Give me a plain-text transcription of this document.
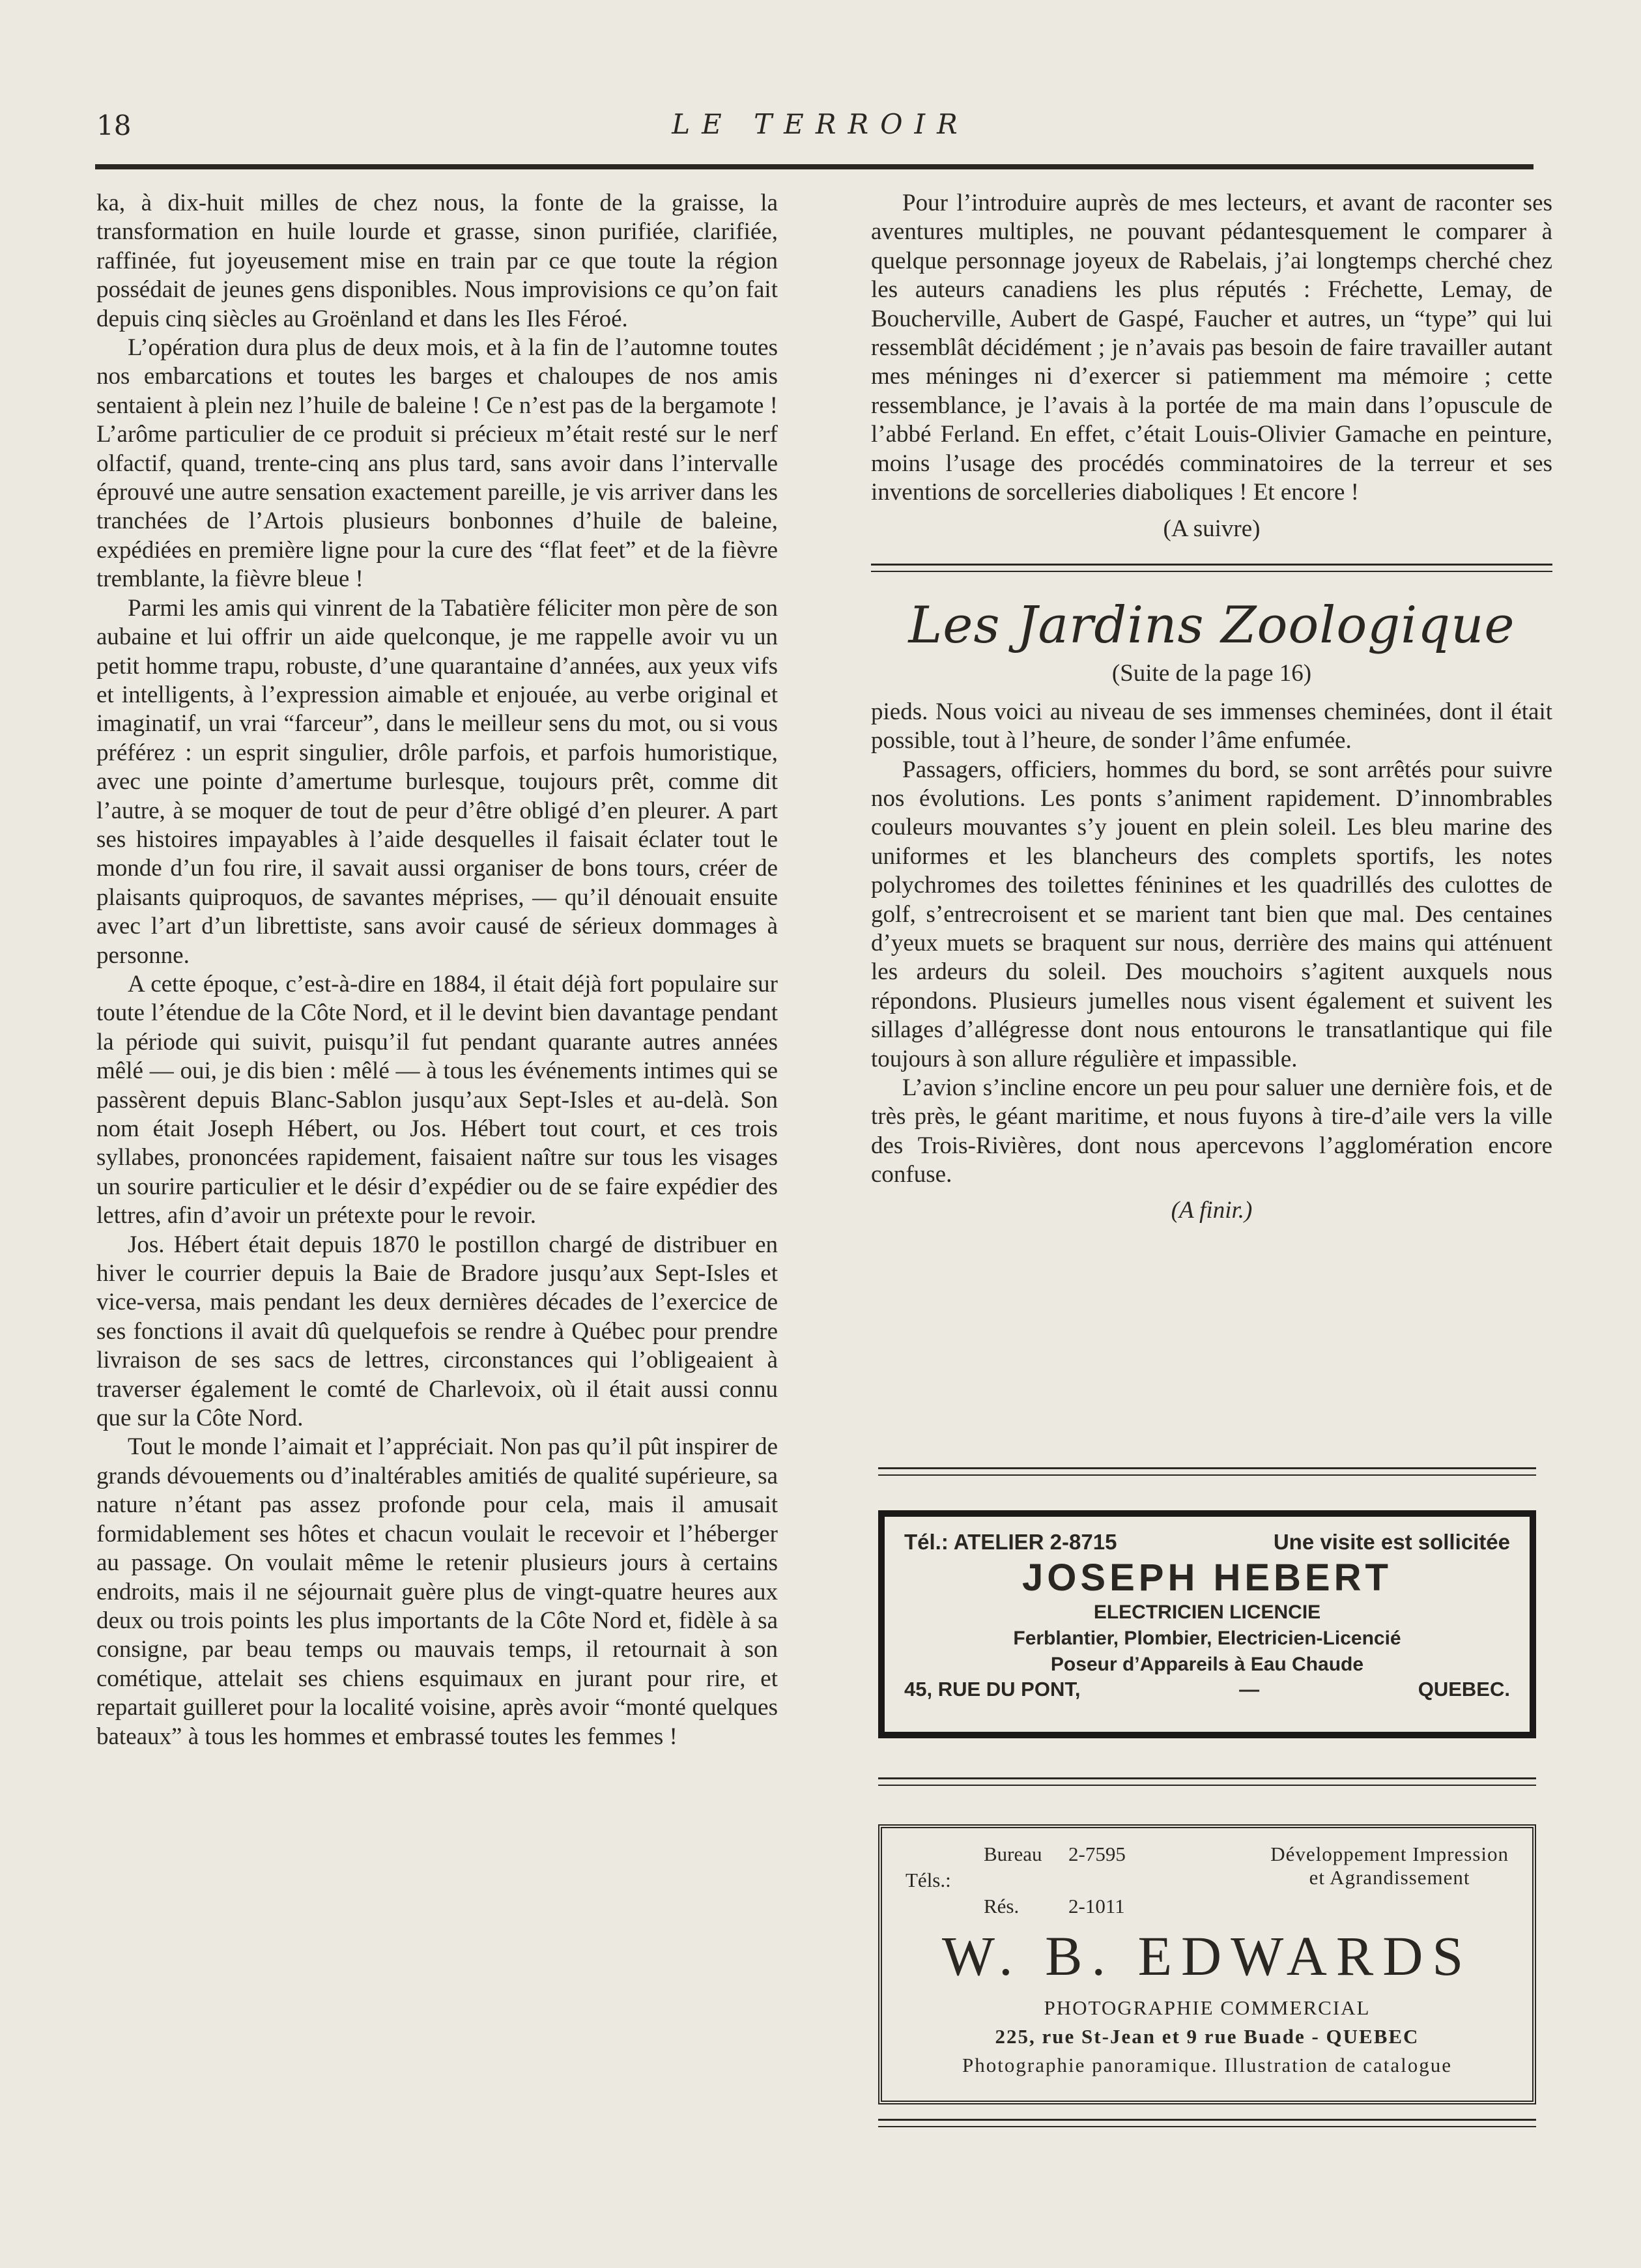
18	LE TERROIR

ka, à dix-huit milles de chez nous, la fonte de la graisse, la transformation en huile lourde et grasse, sinon purifiée, clarifiée, raffinée, fut joyeusement mise en train par ce que toute la région possédait de jeunes gens disponibles. Nous improvisions ce qu’on fait depuis cinq siècles au Groënland et dans les Iles Féroé.

L’opération dura plus de deux mois, et à la fin de l’automne toutes nos embarcations et toutes les barges et chaloupes de nos amis sentaient à plein nez l’huile de baleine ! Ce n’est pas de la bergamote ! L’arôme particulier de ce produit si précieux m’était resté sur le nerf olfactif, quand, trente-cinq ans plus tard, sans avoir dans l’intervalle éprouvé une autre sensation exactement pareille, je vis arriver dans les tranchées de l’Artois plusieurs bonbonnes d’huile de baleine, expédiées en première ligne pour la cure des “flat feet” et de la fièvre tremblante, la fièvre bleue !

Parmi les amis qui vinrent de la Tabatière féliciter mon père de son aubaine et lui offrir un aide quelconque, je me rappelle avoir vu un petit homme trapu, robuste, d’une quarantaine d’années, aux yeux vifs et intelligents, à l’expression aimable et enjouée, au verbe original et imaginatif, un vrai “farceur”, dans le meilleur sens du mot, ou si vous préférez : un esprit singulier, drôle parfois, et parfois humoristique, avec une pointe d’amertume burlesque, toujours prêt, comme dit l’autre, à se moquer de tout de peur d’être obligé d’en pleurer. A part ses histoires impayables à l’aide desquelles il faisait éclater tout le monde d’un fou rire, il savait aussi organiser de bons tours, créer de plaisants quiproquos, de savantes méprises, — qu’il dénouait ensuite avec l’art d’un librettiste, sans avoir causé de sérieux dommages à personne.

A cette époque, c’est-à-dire en 1884, il était déjà fort populaire sur toute l’étendue de la Côte Nord, et il le devint bien davantage pendant la période qui suivit, puisqu’il fut pendant quarante autres années mêlé — oui, je dis bien : mêlé — à tous les événements intimes qui se passèrent depuis Blanc-Sablon jusqu’aux Sept-Isles et au-delà. Son nom était Joseph Hébert, ou Jos. Hébert tout court, et ces trois syllabes, prononcées rapidement, faisaient naître sur tous les visages un sourire particulier et le désir d’expédier ou de se faire expédier des lettres, afin d’avoir un prétexte pour le revoir.

Jos. Hébert était depuis 1870 le postillon chargé de distribuer en hiver le courrier depuis la Baie de Bradore jusqu’aux Sept-Isles et vice-versa, mais pendant les deux dernières décades de l’exercice de ses fonctions il avait dû quelquefois se rendre à Québec pour prendre livraison de ses sacs de lettres, circonstances qui l’obligeaient à traverser également le comté de Charlevoix, où il était aussi connu que sur la Côte Nord.

Tout le monde l’aimait et l’appréciait. Non pas qu’il pût inspirer de grands dévouements ou d’inaltérables amitiés de qualité supérieure, sa nature n’étant pas assez profonde pour cela, mais il amusait formidablement ses hôtes et chacun voulait le recevoir et l’héberger au passage. On voulait même le retenir plusieurs jours à certains endroits, mais il ne séjournait guère plus de vingt-quatre heures aux deux ou trois points les plus importants de la Côte Nord et, fidèle à sa consigne, par beau temps ou mauvais temps, il retournait à son cométique, attelait ses chiens esquimaux en jurant pour rire, et repartait guilleret pour la localité voisine, après avoir “monté quelques bateaux” à tous les hommes et embrassé toutes les femmes !

Pour l’introduire auprès de mes lecteurs, et avant de raconter ses aventures multiples, ne pouvant pédantesquement le comparer à quelque personnage joyeux de Rabelais, j’ai longtemps cherché chez les auteurs canadiens les plus réputés : Fréchette, Lemay, de Boucherville, Aubert de Gaspé, Faucher et autres, un “type” qui lui ressemblât décidément ; je n’avais pas besoin de faire travailler autant mes méninges ni d’exercer si patiemment ma mémoire ; cette ressemblance, je l’avais à la portée de ma main dans l’opuscule de l’abbé Ferland. En effet, c’était Louis-Olivier Gamache en peinture, moins l’usage des procédés comminatoires de la terreur et ses inventions de sorcelleries diaboliques ! Et encore !

(A suivre)
Les Jardins Zoologique
(Suite de la page 16)

pieds. Nous voici au niveau de ses immenses cheminées, dont il était possible, tout à l’heure, de sonder l’âme enfumée.

Passagers, officiers, hommes du bord, se sont arrêtés pour suivre nos évolutions. Les ponts s’animent rapidement. D’innombrables couleurs mouvantes s’y jouent en plein soleil. Les bleu marine des uniformes et les blancheurs des complets sportifs, les notes polychromes des toilettes féninines et les quadrillés des culottes de golf, s’entrecroisent et se marient tant bien que mal. Des centaines d’yeux muets se braquent sur nous, derrière des mains qui atténuent les ardeurs du soleil. Des mouchoirs s’agitent auxquels nous répondons. Plusieurs jumelles nous visent également et suivent les sillages d’allégresse dont nous entourons le transatlantique qui file toujours à son allure régulière et impassible.

L’avion s’incline encore un peu pour saluer une dernière fois, et de très près, le géant maritime, et nous fuyons à tire-d’aile vers la ville des Trois-Rivières, dont nous apercevons l’agglomération encore confuse.

(A finir.)
Tél.: ATELIER 2-8715	Une visite est sollicitée
JOSEPH HEBERT
ELECTRICIEN LICENCIE
Ferblantier, Plombier, Electricien-Licencié
Poseur d’Appareils à Eau Chaude
45, RUE DU PONT,	—	QUEBEC.
Bureau	2-7595
Téls.:
Rés.	2-1011
Développement Impression
et Agrandissement
W. B. EDWARDS
PHOTOGRAPHIE COMMERCIAL
225, rue St-Jean et 9 rue Buade - QUEBEC
Photographie panoramique. Illustration de catalogue
